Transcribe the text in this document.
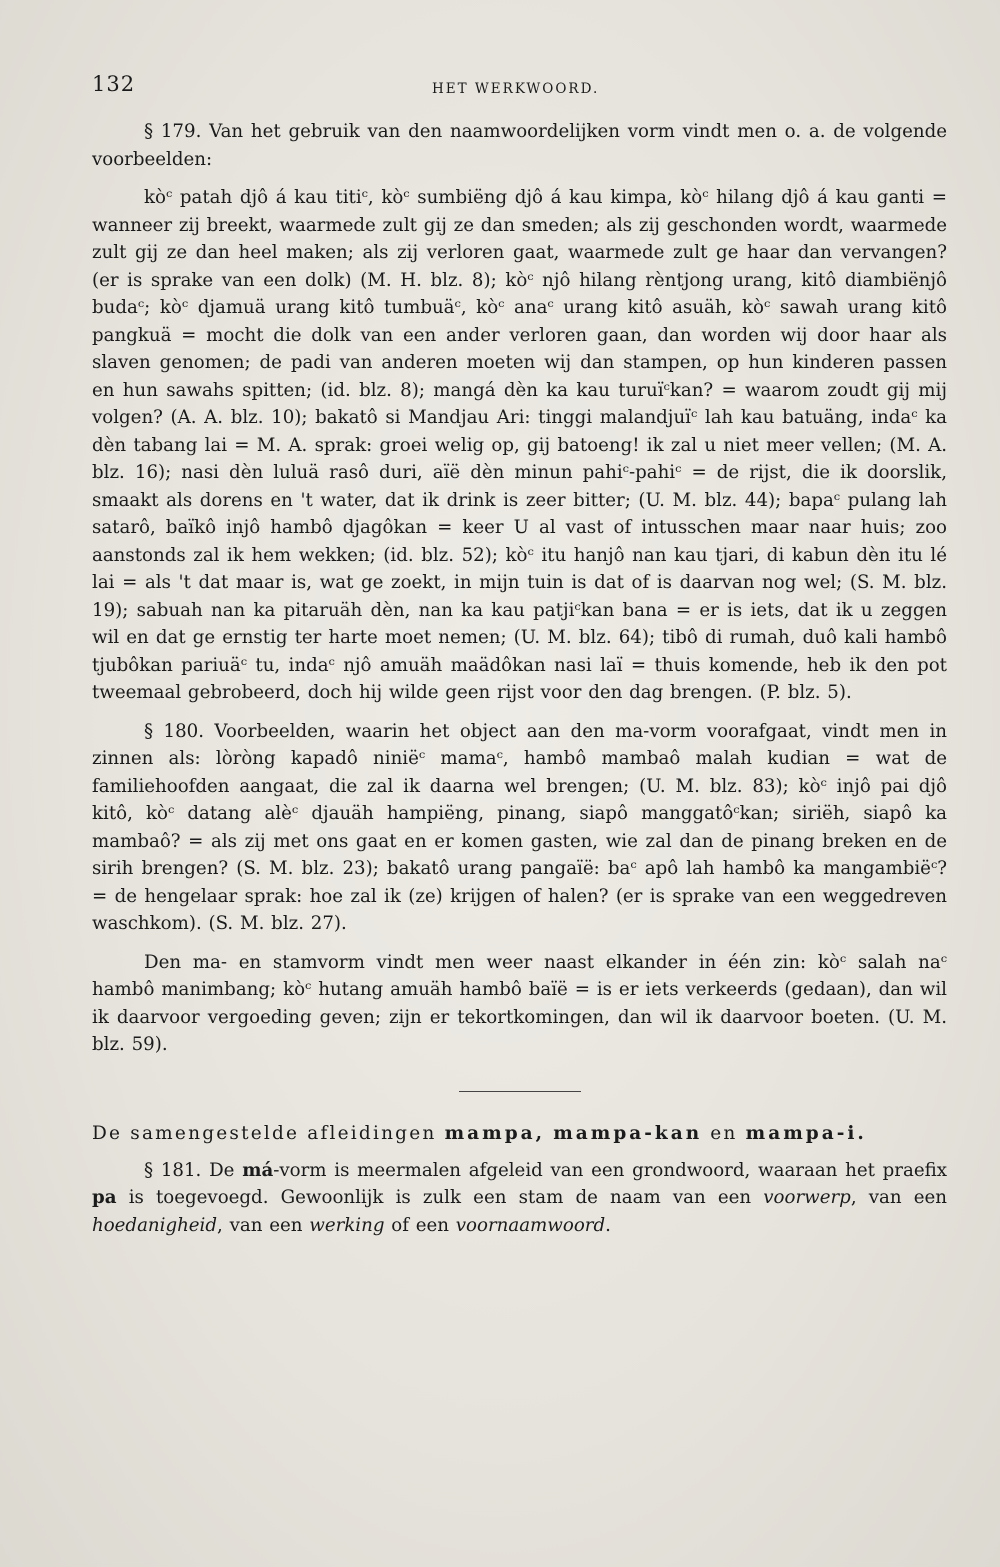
132	HET WERKWOORD.

§ 179. Van het gebruik van den naamwoordelijken vorm vindt men o. a. de volgende voorbeelden:

kòᶜ patah djô á kau titiᶜ, kòᶜ sumbiëng djô á kau kimpa, kòᶜ hilang djô á kau ganti = wanneer zij breekt, waarmede zult gij ze dan smeden; als zij geschonden wordt, waarmede zult gij ze dan heel maken; als zij verloren gaat, waarmede zult ge haar dan vervangen? (er is sprake van een dolk) (M. H. blz. 8); kòᶜ njô hilang rèntjong urang, kitô diambiënjô budaᶜ; kòᶜ djamuä urang kitô tumbuäᶜ, kòᶜ anaᶜ urang kitô asuäh, kòᶜ sawah urang kitô pangkuä = mocht die dolk van een ander verloren gaan, dan worden wij door haar als slaven genomen; de padi van anderen moeten wij dan stampen, op hun kinderen passen en hun sawahs spitten; (id. blz. 8); mangá dèn ka kau turuïᶜkan? = waarom zoudt gij mij volgen? (A. A. blz. 10); bakatô si Mandjau Ari: tinggi malandjuïᶜ lah kau batuäng, indaᶜ ka dèn tabang lai = M. A. sprak: groei welig op, gij batoeng! ik zal u niet meer vellen; (M. A. blz. 16); nasi dèn luluä rasô duri, aïë dèn minun pahiᶜ-pahiᶜ = de rijst, die ik doorslik, smaakt als dorens en 't water, dat ik drink is zeer bitter; (U. M. blz. 44); bapaᶜ pulang lah satarô, baïkô injô hambô djagôkan = keer U al vast of intusschen maar naar huis; zoo aanstonds zal ik hem wekken; (id. blz. 52); kòᶜ itu hanjô nan kau tjari, di kabun dèn itu lé lai = als 't dat maar is, wat ge zoekt, in mijn tuin is dat of is daarvan nog wel; (S. M. blz. 19); sabuah nan ka pitaruäh dèn, nan ka kau patjiᶜkan bana = er is iets, dat ik u zeggen wil en dat ge ernstig ter harte moet nemen; (U. M. blz. 64); tibô di rumah, duô kali hambô tjubôkan pariuäᶜ tu, indaᶜ njô amuäh maädôkan nasi laï = thuis komende, heb ik den pot tweemaal gebrobeerd, doch hij wilde geen rijst voor den dag brengen. (P. blz. 5).

§ 180. Voorbeelden, waarin het object aan den ma-vorm voorafgaat, vindt men in zinnen als: lòròng kapadô niniëᶜ mamaᶜ, hambô mambaô malah kudian = wat de familiehoofden aangaat, die zal ik daarna wel brengen; (U. M. blz. 83); kòᶜ injô pai djô kitô, kòᶜ datang alèᶜ djauäh hampiëng, pinang, siapô manggatôᶜkan; siriëh, siapô ka mambaô? = als zij met ons gaat en er komen gasten, wie zal dan de pinang breken en de sirih brengen? (S. M. blz. 23); bakatô urang pangaïë: baᶜ apô lah hambô ka mangambiëᶜ? = de hengelaar sprak: hoe zal ik (ze) krijgen of halen? (er is sprake van een weggedreven waschkom). (S. M. blz. 27).

Den ma- en stamvorm vindt men weer naast elkander in één zin: kòᶜ salah naᶜ hambô manimbang; kòᶜ hutang amuäh hambô baïë = is er iets verkeerds (gedaan), dan wil ik daarvoor vergoeding geven; zijn er tekortkomingen, dan wil ik daarvoor boeten. (U. M. blz. 59).

De samengestelde afleidingen mampa, mampa-kan en mampa-i.

§ 181. De má-vorm is meermalen afgeleid van een grondwoord, waaraan het praefix pa is toegevoegd. Gewoonlijk is zulk een stam de naam van een voorwerp, van een hoedanigheid, van een werking of een voornaamwoord.
